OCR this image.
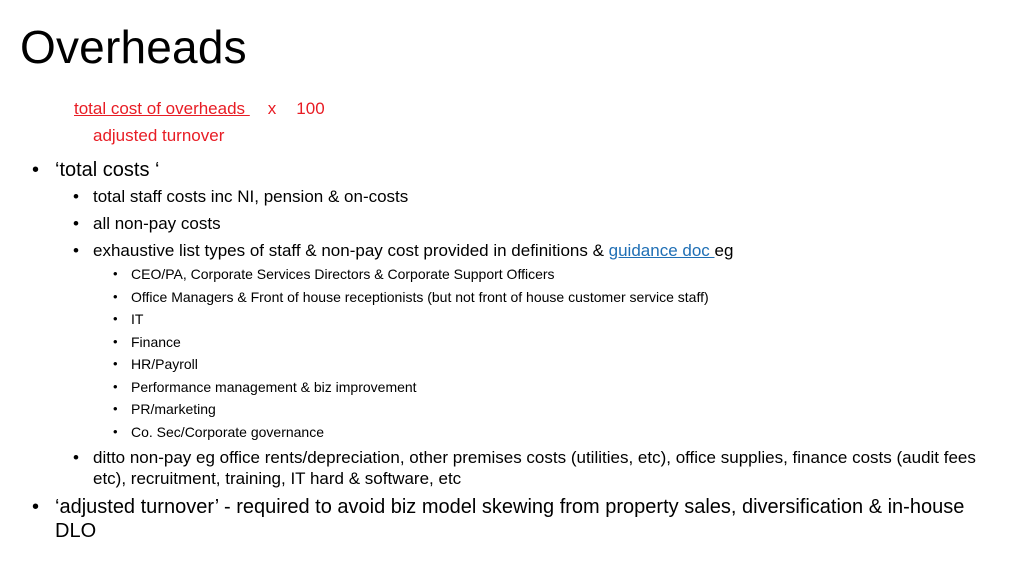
Overheads
total cost of overheads x 100
adjusted turnover
• ‘total costs ‘
• total staff costs inc NI, pension & on-costs
• all non-pay costs
• exhaustive list types of staff & non-pay cost provided in definitions & guidance doc eg
• CEO/PA, Corporate Services Directors & Corporate Support Officers
• Office Managers & Front of house receptionists (but not front of house customer service staff)
• IT
• Finance
• HR/Payroll
• Performance management & biz improvement
• PR/marketing
• Co. Sec/Corporate governance
• ditto non-pay eg office rents/depreciation, other premises costs (utilities, etc), office supplies, finance costs (audit fees etc), recruitment, training, IT hard & software, etc
• ‘adjusted turnover’ - required to avoid biz model skewing from property sales, diversification & in-house DLO
